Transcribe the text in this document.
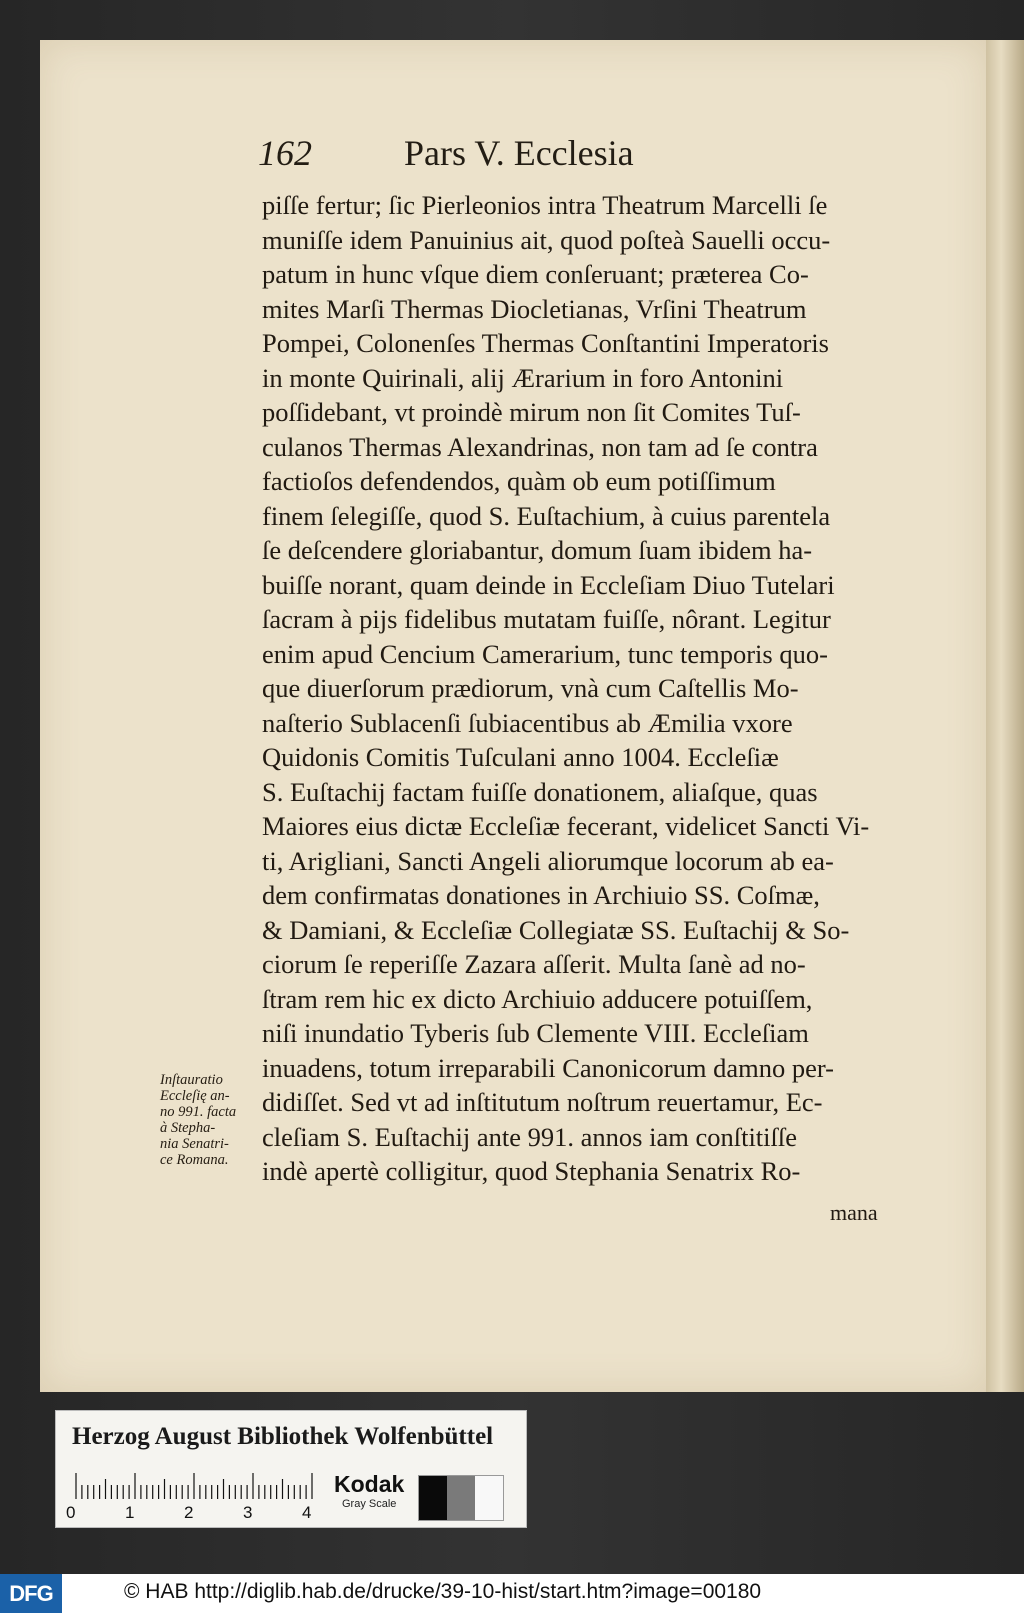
162	Pars V. Ecclesia
piſſe fertur; ſic Pierleonios intra Theatrum Marcelli ſe
muniſſe idem Panuinius ait, quod poſteà Sauelli occu-
patum in hunc vſque diem conſeruant; præterea Co-
mites Marſi Thermas Diocletianas, Vrſini Theatrum
Pompei, Colonenſes Thermas Conſtantini Imperatoris
in monte Quirinali, alij Ærarium in foro Antonini
poſſidebant, vt proindè mirum non ſit Comites Tuſ-
culanos Thermas Alexandrinas, non tam ad ſe contra
factioſos defendendos, quàm ob eum potiſſimum
finem ſelegiſſe, quod S. Euſtachium, à cuius parentela
ſe deſcendere gloriabantur, domum ſuam ibidem ha-
buiſſe norant, quam deinde in Eccleſiam Diuo Tutelari
ſacram à pijs fidelibus mutatam fuiſſe, nôrant. Legitur
enim apud Cencium Camerarium, tunc temporis quo-
que diuerſorum prædiorum, vnà cum Caſtellis Mo-
naſterio Sublacenſi ſubiacentibus ab Æmilia vxore
Quidonis Comitis Tuſculani anno 1004. Eccleſiæ
S. Euſtachij factam fuiſſe donationem, aliaſque, quas
Maiores eius dictæ Eccleſiæ fecerant, videlicet Sancti Vi-
ti, Arigliani, Sancti Angeli aliorumque locorum ab ea-
dem confirmatas donationes in Archiuio SS. Coſmæ,
& Damiani, & Eccleſiæ Collegiatæ SS. Euſtachij & So-
ciorum ſe reperiſſe Zazara aſſerit. Multa ſanè ad no-
ſtram rem hic ex dicto Archiuio adducere potuiſſem,
niſi inundatio Tyberis ſub Clemente VIII. Eccleſiam
inuadens, totum irreparabili Canonicorum damno per-
didiſſet. Sed vt ad inſtitutum noſtrum reuertamur, Ec-
cleſiam S. Euſtachij ante 991. annos iam conſtitiſſe
indè apertè colligitur, quod Stephania Senatrix Ro-
mana
Inſtauratio
Eccleſię an-
no 991. facta
à Stepha-
nia Senatri-
ce Romana.
Herzog August Bibliothek Wolfenbüttel
0	1	2	3	4
Kodak
Gray Scale
DFG	© HAB http://diglib.hab.de/drucke/39-10-hist/start.htm?image=00180
